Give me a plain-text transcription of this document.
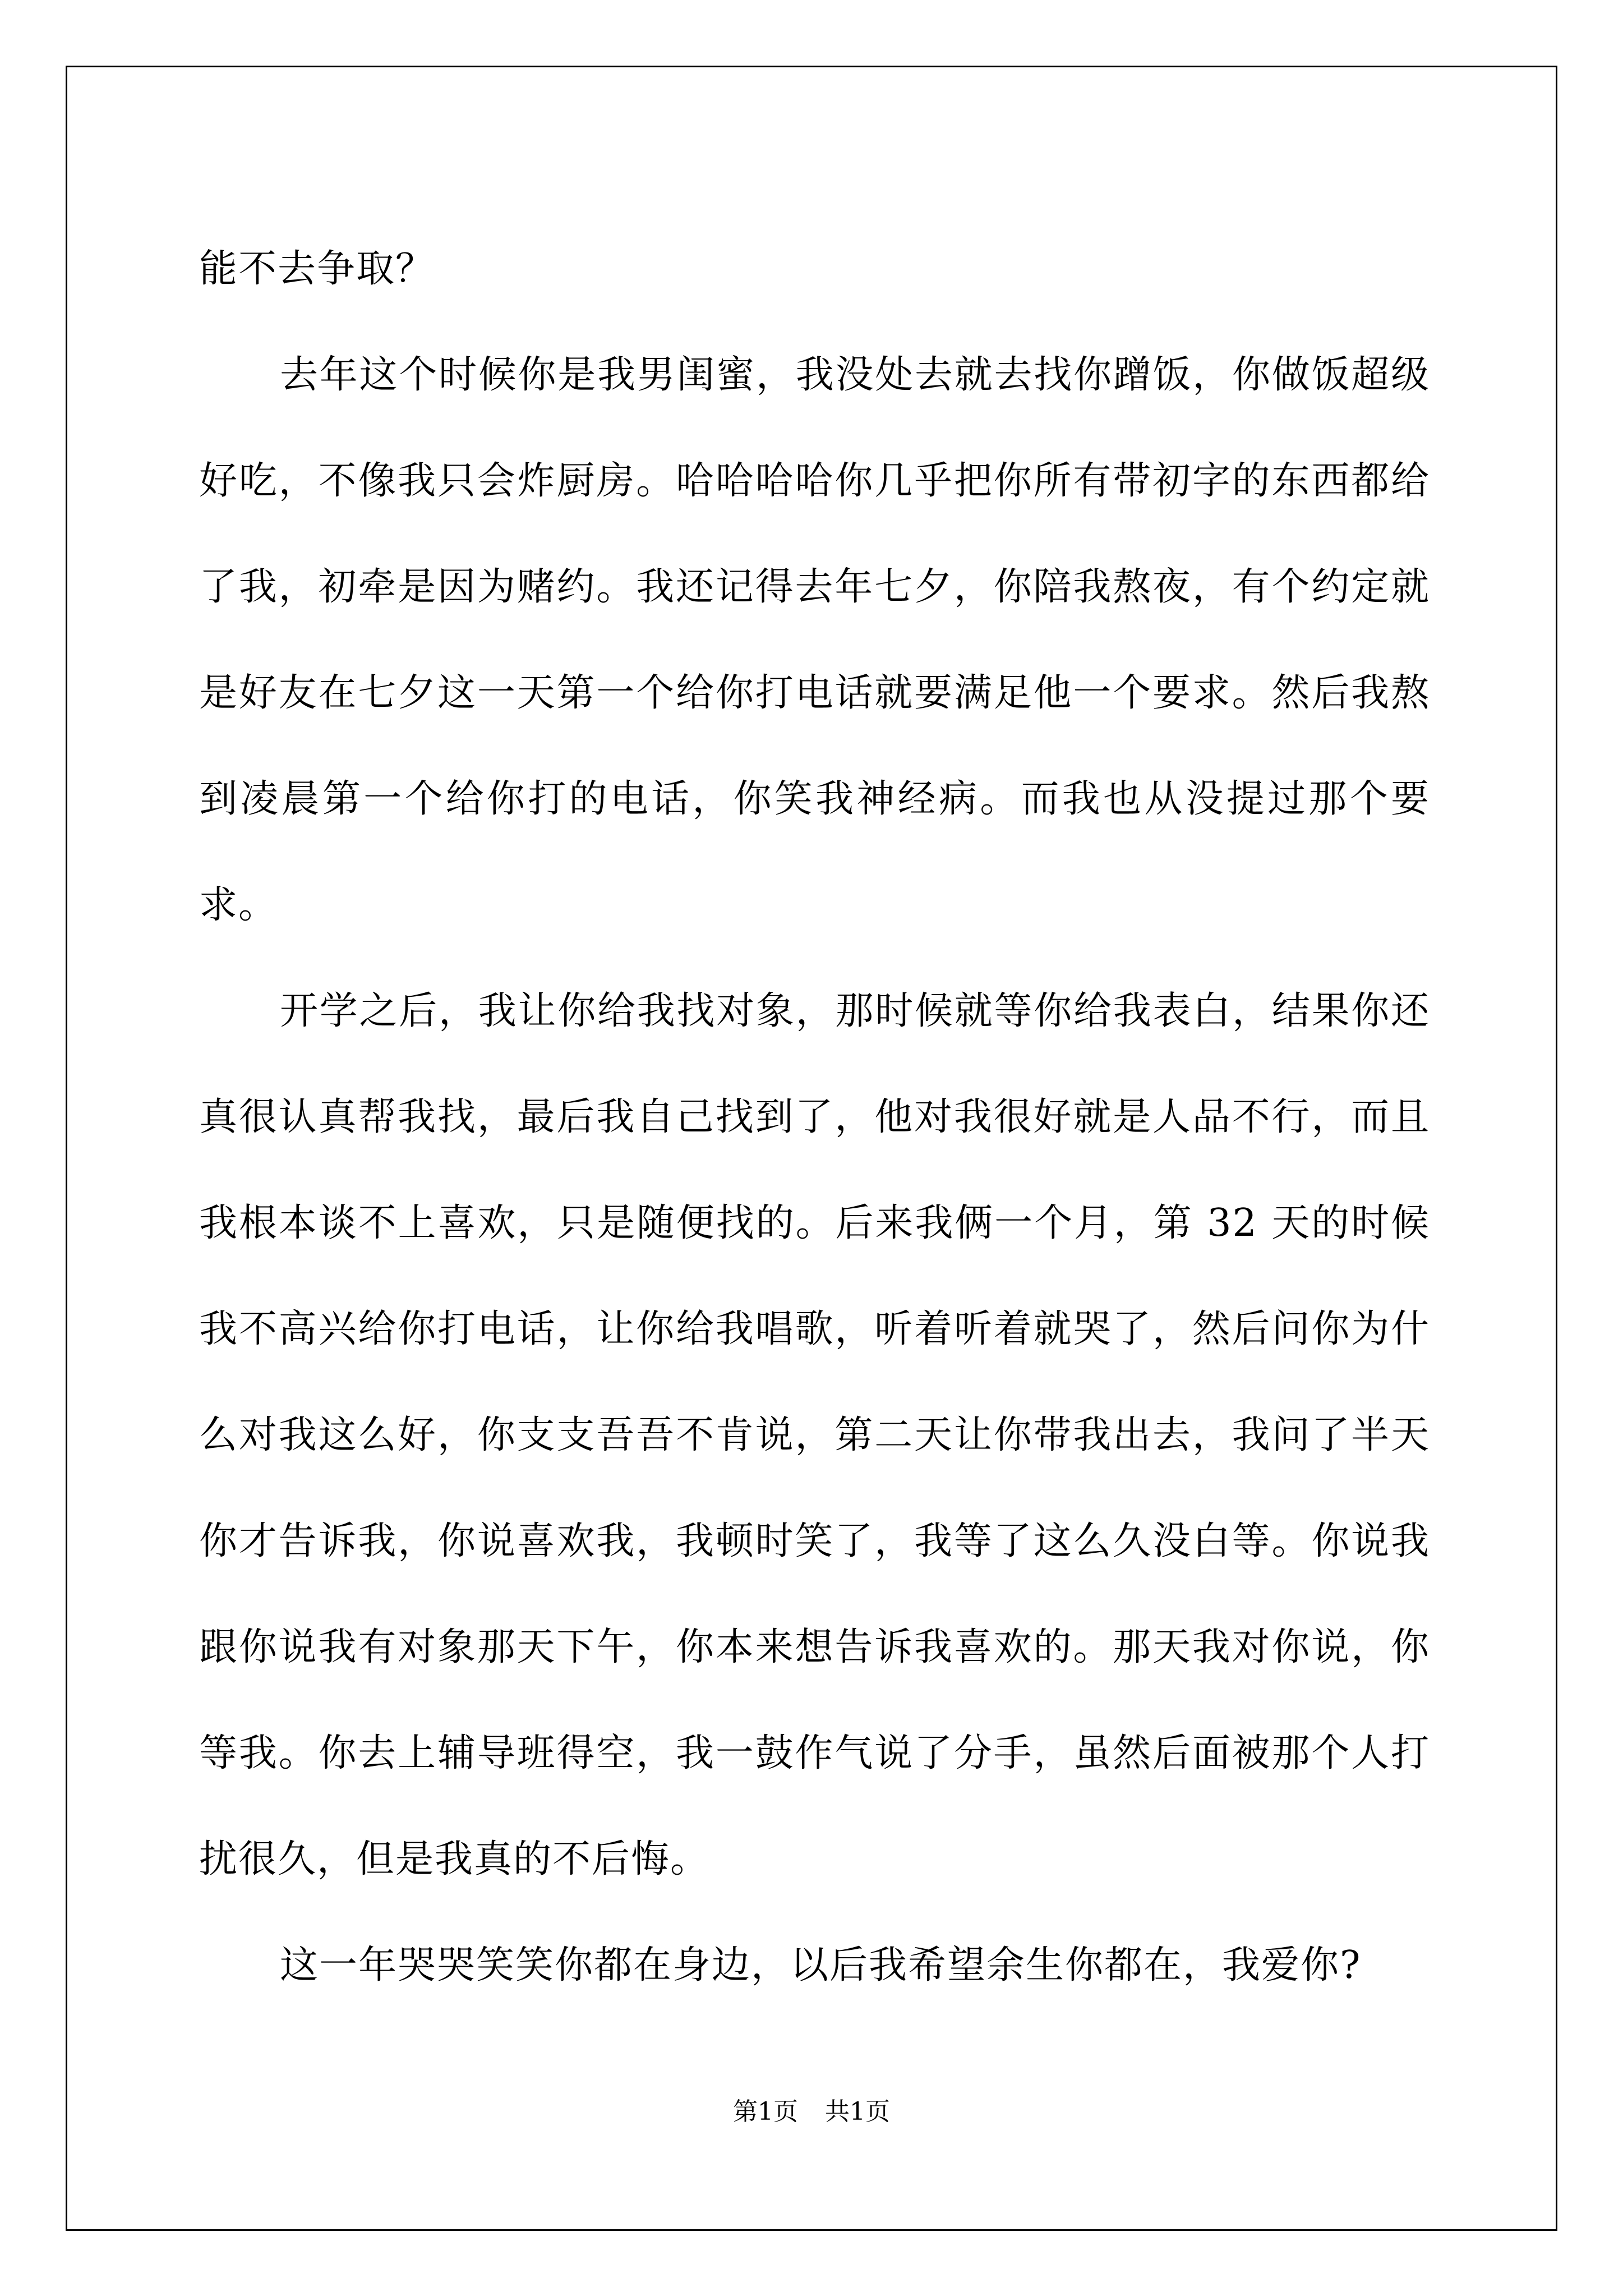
能不去争取？

去年这个时候你是我男闺蜜，我没处去就去找你蹭饭，你做饭超级好吃，不像我只会炸厨房。哈哈哈哈你几乎把你所有带初字的东西都给了我，初牵是因为赌约。我还记得去年七夕，你陪我熬夜，有个约定就是好友在七夕这一天第一个给你打电话就要满足他一个要求。然后我熬到凌晨第一个给你打的电话，你笑我神经病。而我也从没提过那个要求。

开学之后，我让你给我找对象，那时候就等你给我表白，结果你还真很认真帮我找，最后我自己找到了，他对我很好就是人品不行，而且我根本谈不上喜欢，只是随便找的。后来我俩一个月，第 32 天的时候我不高兴给你打电话，让你给我唱歌，听着听着就哭了，然后问你为什么对我这么好，你支支吾吾不肯说，第二天让你带我出去，我问了半天你才告诉我，你说喜欢我，我顿时笑了，我等了这么久没白等。你说我跟你说我有对象那天下午，你本来想告诉我喜欢的。那天我对你说，你等我。你去上辅导班得空，我一鼓作气说了分手，虽然后面被那个人打扰很久，但是我真的不后悔。

这一年哭哭笑笑你都在身边，以后我希望余生你都在，我爱你?

第1页 共1页
